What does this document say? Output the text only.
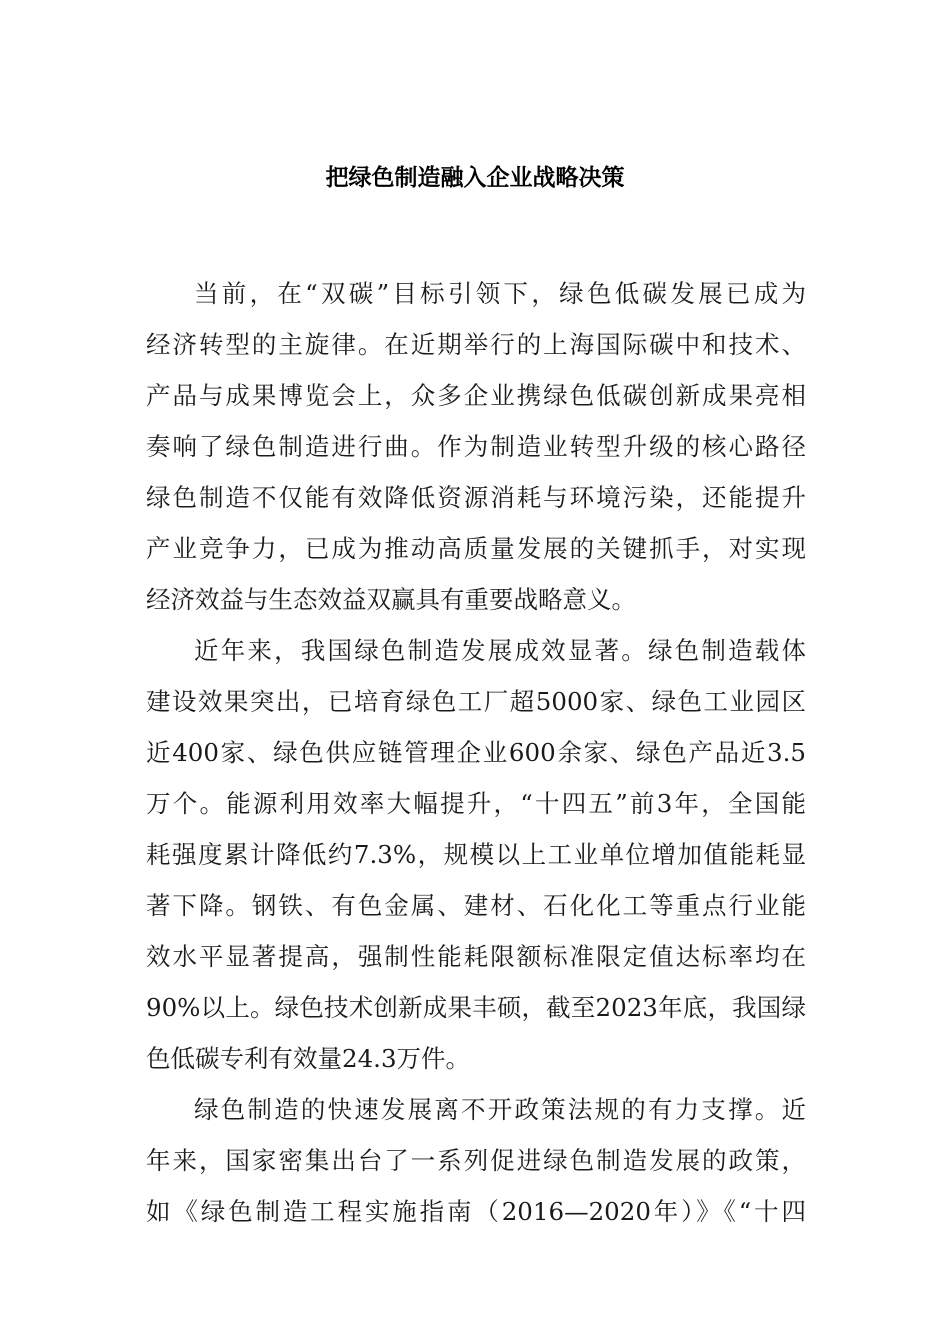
把绿色制造融入企业战略决策
当前，在“双碳”目标引领下，绿色低碳发展已成为
经济转型的主旋律。在近期举行的上海国际碳中和技术、
产品与成果博览会上，众多企业携绿色低碳创新成果亮相
奏响了绿色制造进行曲。作为制造业转型升级的核心路径
绿色制造不仅能有效降低资源消耗与环境污染，还能提升
产业竞争力，已成为推动高质量发展的关键抓手，对实现
经济效益与生态效益双赢具有重要战略意义。
近年来，我国绿色制造发展成效显著。绿色制造载体
建设效果突出，已培育绿色工厂超5000家、绿色工业园区
近400家、绿色供应链管理企业600余家、绿色产品近3.5
万个。能源利用效率大幅提升，“十四五”前3年，全国能
耗强度累计降低约7.3%，规模以上工业单位增加值能耗显
著下降。钢铁、有色金属、建材、石化化工等重点行业能
效水平显著提高，强制性能耗限额标准限定值达标率均在
90%以上。绿色技术创新成果丰硕，截至2023年底，我国绿
色低碳专利有效量24.3万件。
绿色制造的快速发展离不开政策法规的有力支撑。近
年来，国家密集出台了一系列促进绿色制造发展的政策，
如《绿色制造工程实施指南（2016—2020年）》《“十四
